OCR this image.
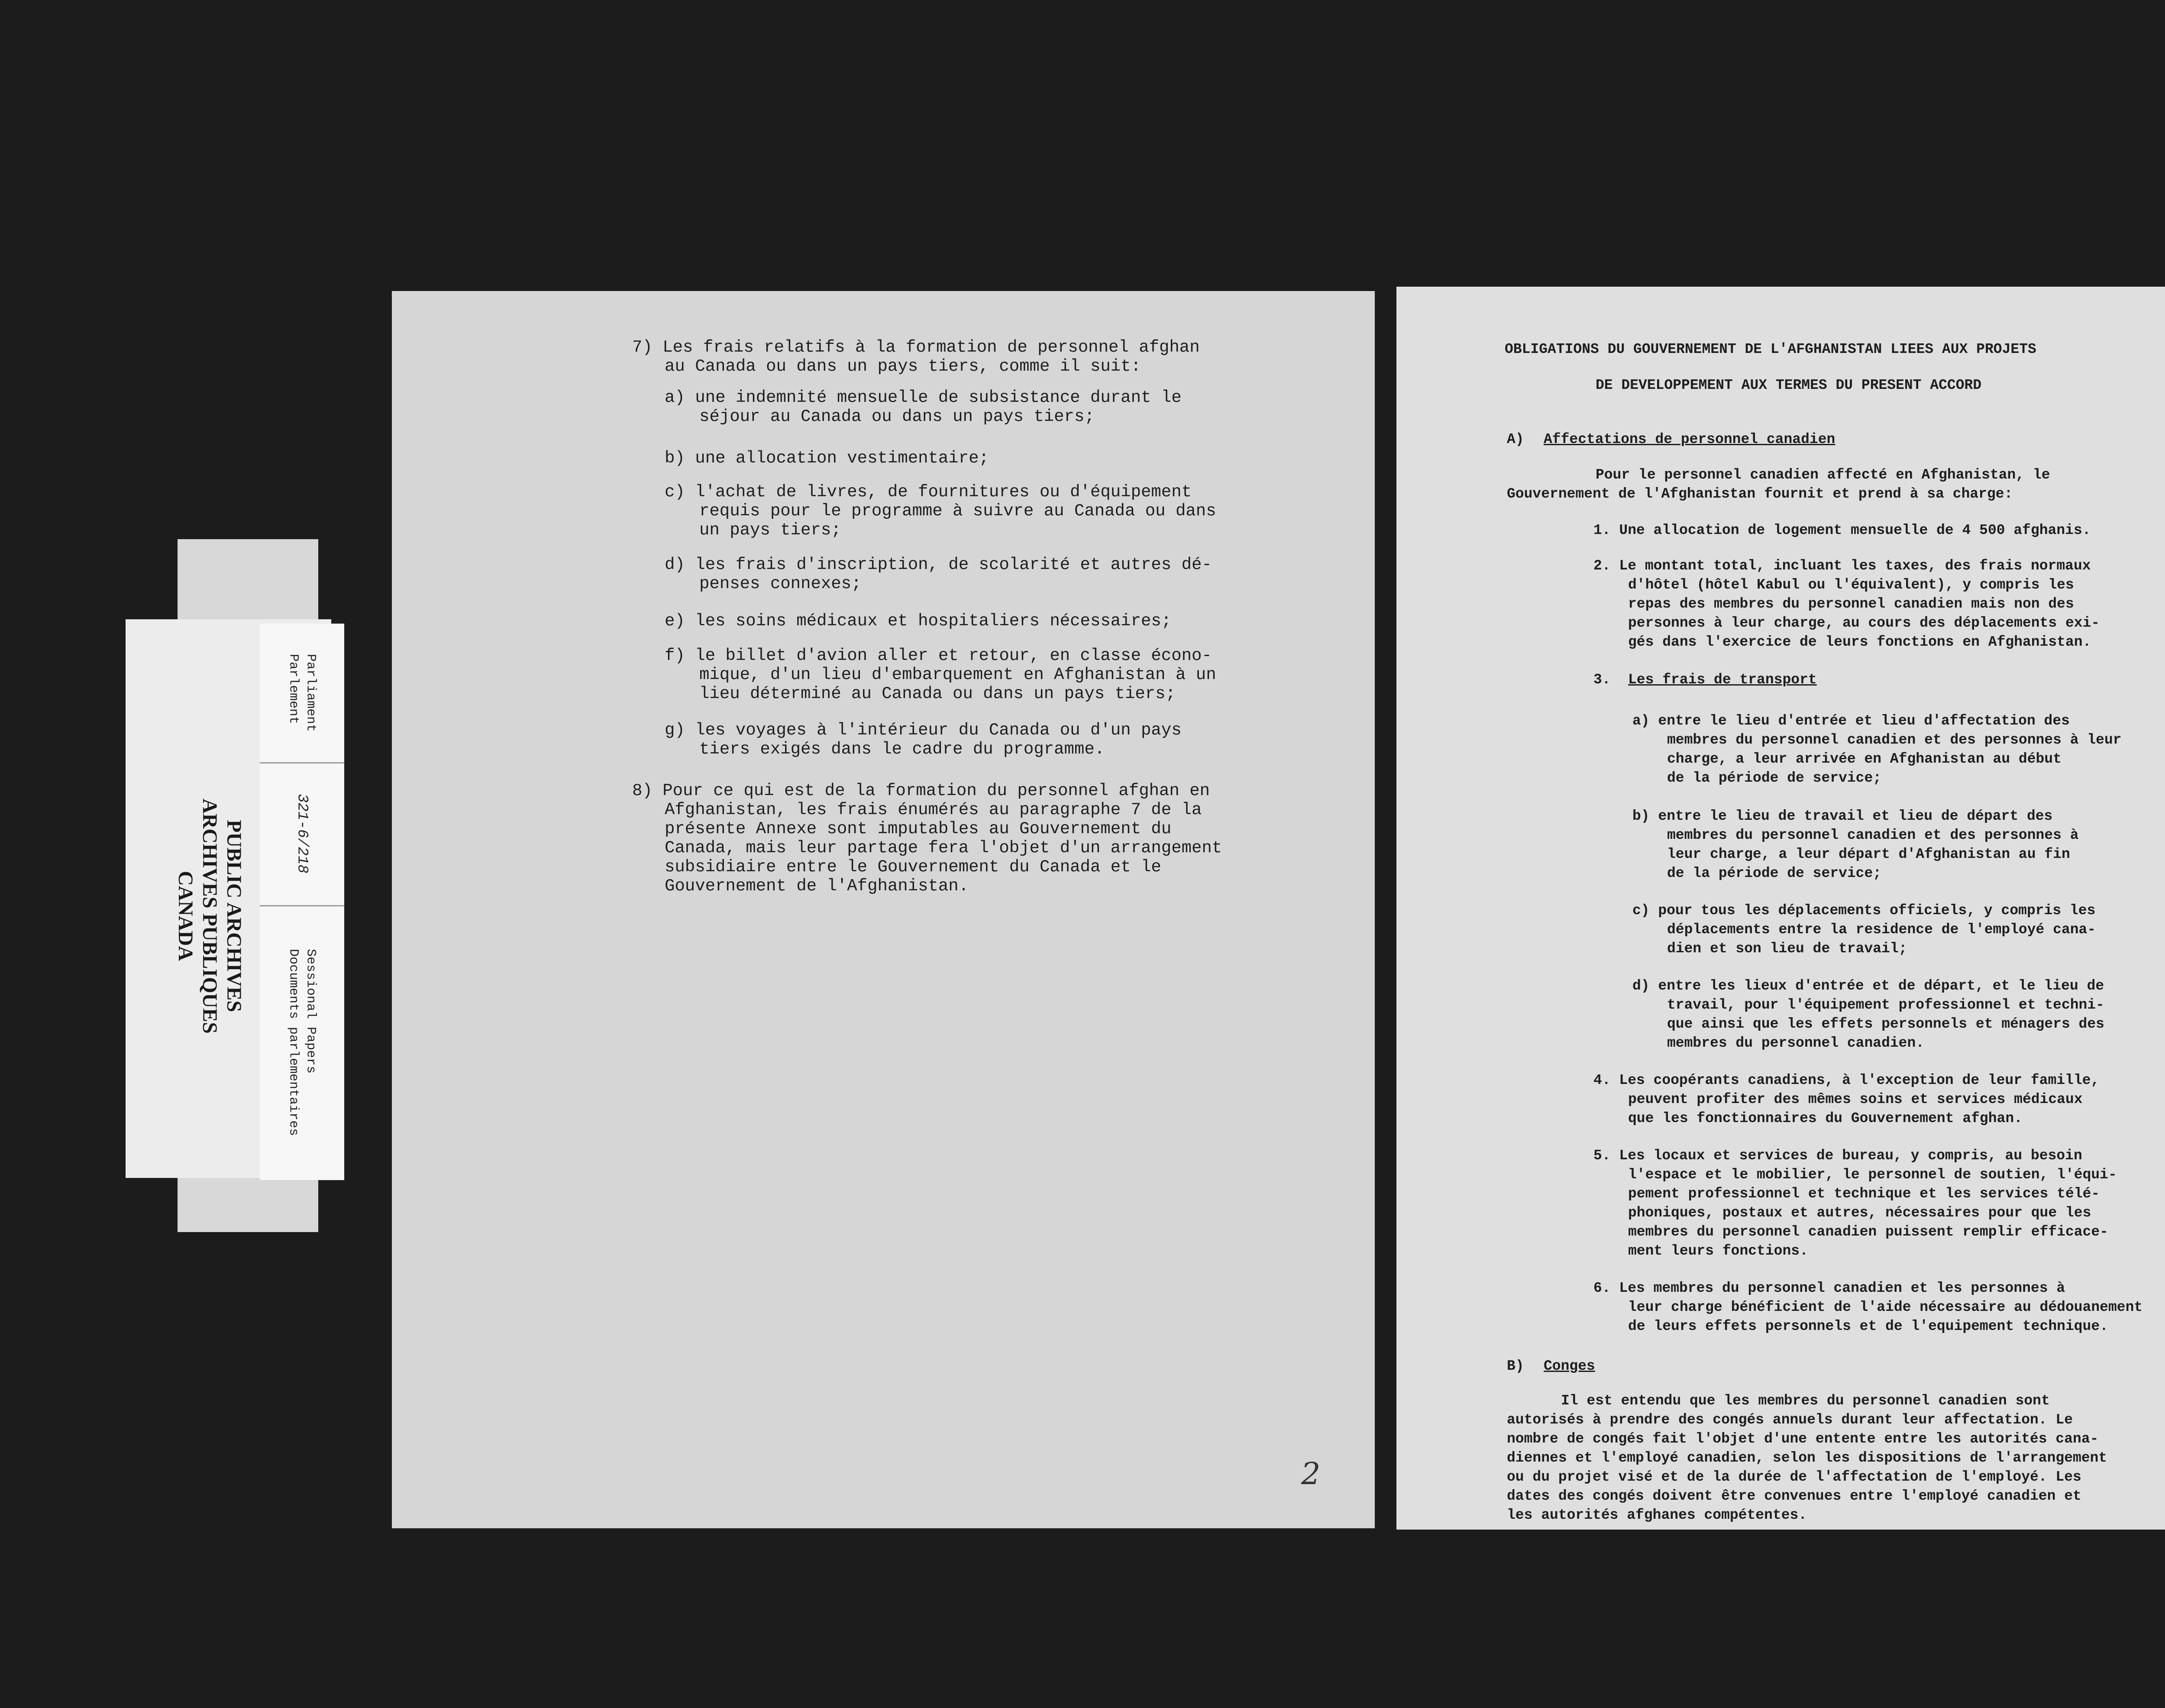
PUBLIC ARCHIVES
ARCHIVES PUBLIQUES
CANADA
Parliament
Parlement
321-6/218
Sessional Papers
Documents parlementaires
7) Les frais relatifs à la formation de personnel afghan
au Canada ou dans un pays tiers, comme il suit:
a) une indemnité mensuelle de subsistance durant le
séjour au Canada ou dans un pays tiers;
b) une allocation vestimentaire;
c) l'achat de livres, de fournitures ou d'équipement
requis pour le programme à suivre au Canada ou dans
un pays tiers;
d) les frais d'inscription, de scolarité et autres dé-
penses connexes;
e) les soins médicaux et hospitaliers nécessaires;
f) le billet d'avion aller et retour, en classe écono-
mique, d'un lieu d'embarquement en Afghanistan à un
lieu déterminé au Canada ou dans un pays tiers;
g) les voyages à l'intérieur du Canada ou d'un pays
tiers exigés dans le cadre du programme.
8) Pour ce qui est de la formation du personnel afghan en
Afghanistan, les frais énumérés au paragraphe 7 de la
présente Annexe sont imputables au Gouvernement du
Canada, mais leur partage fera l'objet d'un arrangement
subsidiaire entre le Gouvernement du Canada et le
Gouvernement de l'Afghanistan.
2
OBLIGATIONS DU GOUVERNEMENT DE L'AFGHANISTAN LIEES AUX PROJETS
DE DEVELOPPEMENT AUX TERMES DU PRESENT ACCORD
A) Affectations de personnel canadien
Pour le personnel canadien affecté en Afghanistan, le
Gouvernement de l'Afghanistan fournit et prend à sa charge:
1. Une allocation de logement mensuelle de 4 500 afghanis.
2. Le montant total, incluant les taxes, des frais normaux
d'hôtel (hôtel Kabul ou l'équivalent), y compris les
repas des membres du personnel canadien mais non des
personnes à leur charge, au cours des déplacements exi-
gés dans l'exercice de leurs fonctions en Afghanistan.
3. Les frais de transport
a) entre le lieu d'entrée et lieu d'affectation des
membres du personnel canadien et des personnes à leur
charge, a leur arrivée en Afghanistan au début
de la période de service;
b) entre le lieu de travail et lieu de départ des
membres du personnel canadien et des personnes à
leur charge, a leur départ d'Afghanistan au fin
de la période de service;
c) pour tous les déplacements officiels, y compris les
déplacements entre la residence de l'employé cana-
dien et son lieu de travail;
d) entre les lieux d'entrée et de départ, et le lieu de
travail, pour l'équipement professionnel et techni-
que ainsi que les effets personnels et ménagers des
membres du personnel canadien.
4. Les coopérants canadiens, à l'exception de leur famille,
peuvent profiter des mêmes soins et services médicaux
que les fonctionnaires du Gouvernement afghan.
5. Les locaux et services de bureau, y compris, au besoin
l'espace et le mobilier, le personnel de soutien, l'équi-
pement professionnel et technique et les services télé-
phoniques, postaux et autres, nécessaires pour que les
membres du personnel canadien puissent remplir efficace-
ment leurs fonctions.
6. Les membres du personnel canadien et les personnes à
leur charge bénéficient de l'aide nécessaire au dédouanement
de leurs effets personnels et de l'equipement technique.
B) Conges
Il est entendu que les membres du personnel canadien sont
autorisés à prendre des congés annuels durant leur affectation. Le
nombre de congés fait l'objet d'une entente entre les autorités cana-
diennes et l'employé canadien, selon les dispositions de l'arrangement
ou du projet visé et de la durée de l'affectation de l'employé. Les
dates des congés doivent être convenues entre l'employé canadien et
les autorités afghanes compétentes.
